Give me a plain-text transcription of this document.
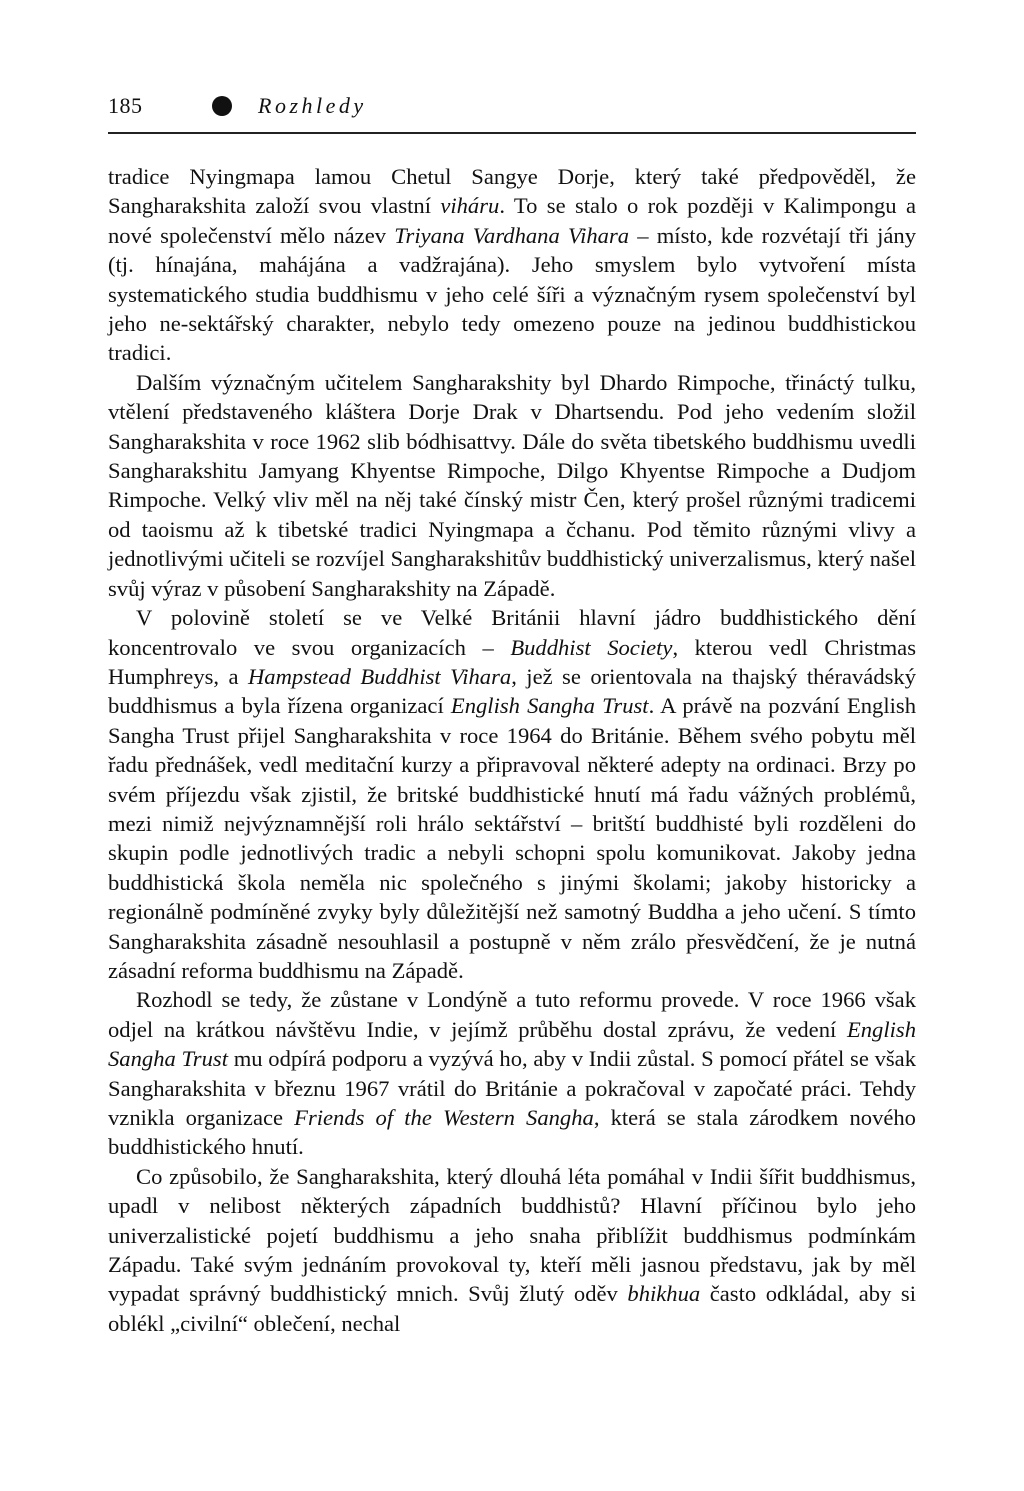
185	Rozhledy

tradice Nyingmapa lamou Chetul Sangye Dorje, který také předpověděl, že Sangharakshita založí svou vlastní viháru. To se stalo o rok později v Kalimpongu a nové společenství mělo název Triyana Vardhana Vihara – místo, kde rozvétají tři jány (tj. hínajána, mahájána a vadžrajána). Jeho smyslem bylo vytvoření místa systematického studia buddhismu v jeho celé šíři a význačným rysem společenství byl jeho ne-sektářský charakter, nebylo tedy omezeno pouze na jedinou buddhistickou tradici.

Dalším význačným učitelem Sangharakshity byl Dhardo Rimpoche, třináctý tulku, vtělení představeného kláštera Dorje Drak v Dhartsendu. Pod jeho vedením složil Sangharakshita v roce 1962 slib bódhisattvy. Dále do světa tibetského buddhismu uvedli Sangharakshitu Jamyang Khyentse Rimpoche, Dilgo Khyentse Rimpoche a Dudjom Rimpoche. Velký vliv měl na něj také čínský mistr Čen, který prošel různými tradicemi od taoismu až k tibetské tradici Nyingmapa a čchanu. Pod těmito různými vlivy a jednotlivými učiteli se rozvíjel Sangharakshitův buddhistický univerzalismus, který našel svůj výraz v působení Sangharakshity na Západě.

V polovině století se ve Velké Británii hlavní jádro buddhistického dění koncentrovalo ve svou organizacích – Buddhist Society, kterou vedl Christmas Humphreys, a Hampstead Buddhist Vihara, jež se orientovala na thajský théravádský buddhismus a byla řízena organizací English Sangha Trust. A právě na pozvání English Sangha Trust přijel Sangharakshita v roce 1964 do Británie. Během svého pobytu měl řadu přednášek, vedl meditační kurzy a připravoval některé adepty na ordinaci. Brzy po svém příjezdu však zjistil, že britské buddhistické hnutí má řadu vážných problémů, mezi nimiž nejvýznamnější roli hrálo sektářství – britští buddhisté byli rozděleni do skupin podle jednotlivých tradic a nebyli schopni spolu komunikovat. Jakoby jedna buddhistická škola neměla nic společného s jinými školami; jakoby historicky a regionálně podmíněné zvyky byly důležitější než samotný Buddha a jeho učení. S tímto Sangharakshita zásadně nesouhlasil a postupně v něm zrálo přesvědčení, že je nutná zásadní reforma buddhismu na Západě.

Rozhodl se tedy, že zůstane v Londýně a tuto reformu provede. V roce 1966 však odjel na krátkou návštěvu Indie, v jejímž průběhu dostal zprávu, že vedení English Sangha Trust mu odpírá podporu a vyzývá ho, aby v Indii zůstal. S pomocí přátel se však Sangharakshita v březnu 1967 vrátil do Británie a pokračoval v započaté práci. Tehdy vznikla organizace Friends of the Western Sangha, která se stala zárodkem nového buddhistického hnutí.

Co způsobilo, že Sangharakshita, který dlouhá léta pomáhal v Indii šířit buddhismus, upadl v nelibost některých západních buddhistů? Hlavní příčinou bylo jeho univerzalistické pojetí buddhismu a jeho snaha přiblížit buddhismus podmínkám Západu. Také svým jednáním provokoval ty, kteří měli jasnou představu, jak by měl vypadat správný buddhistický mnich. Svůj žlutý oděv bhikhua často odkládal, aby si oblékl „civilní“ oblečení, nechal
